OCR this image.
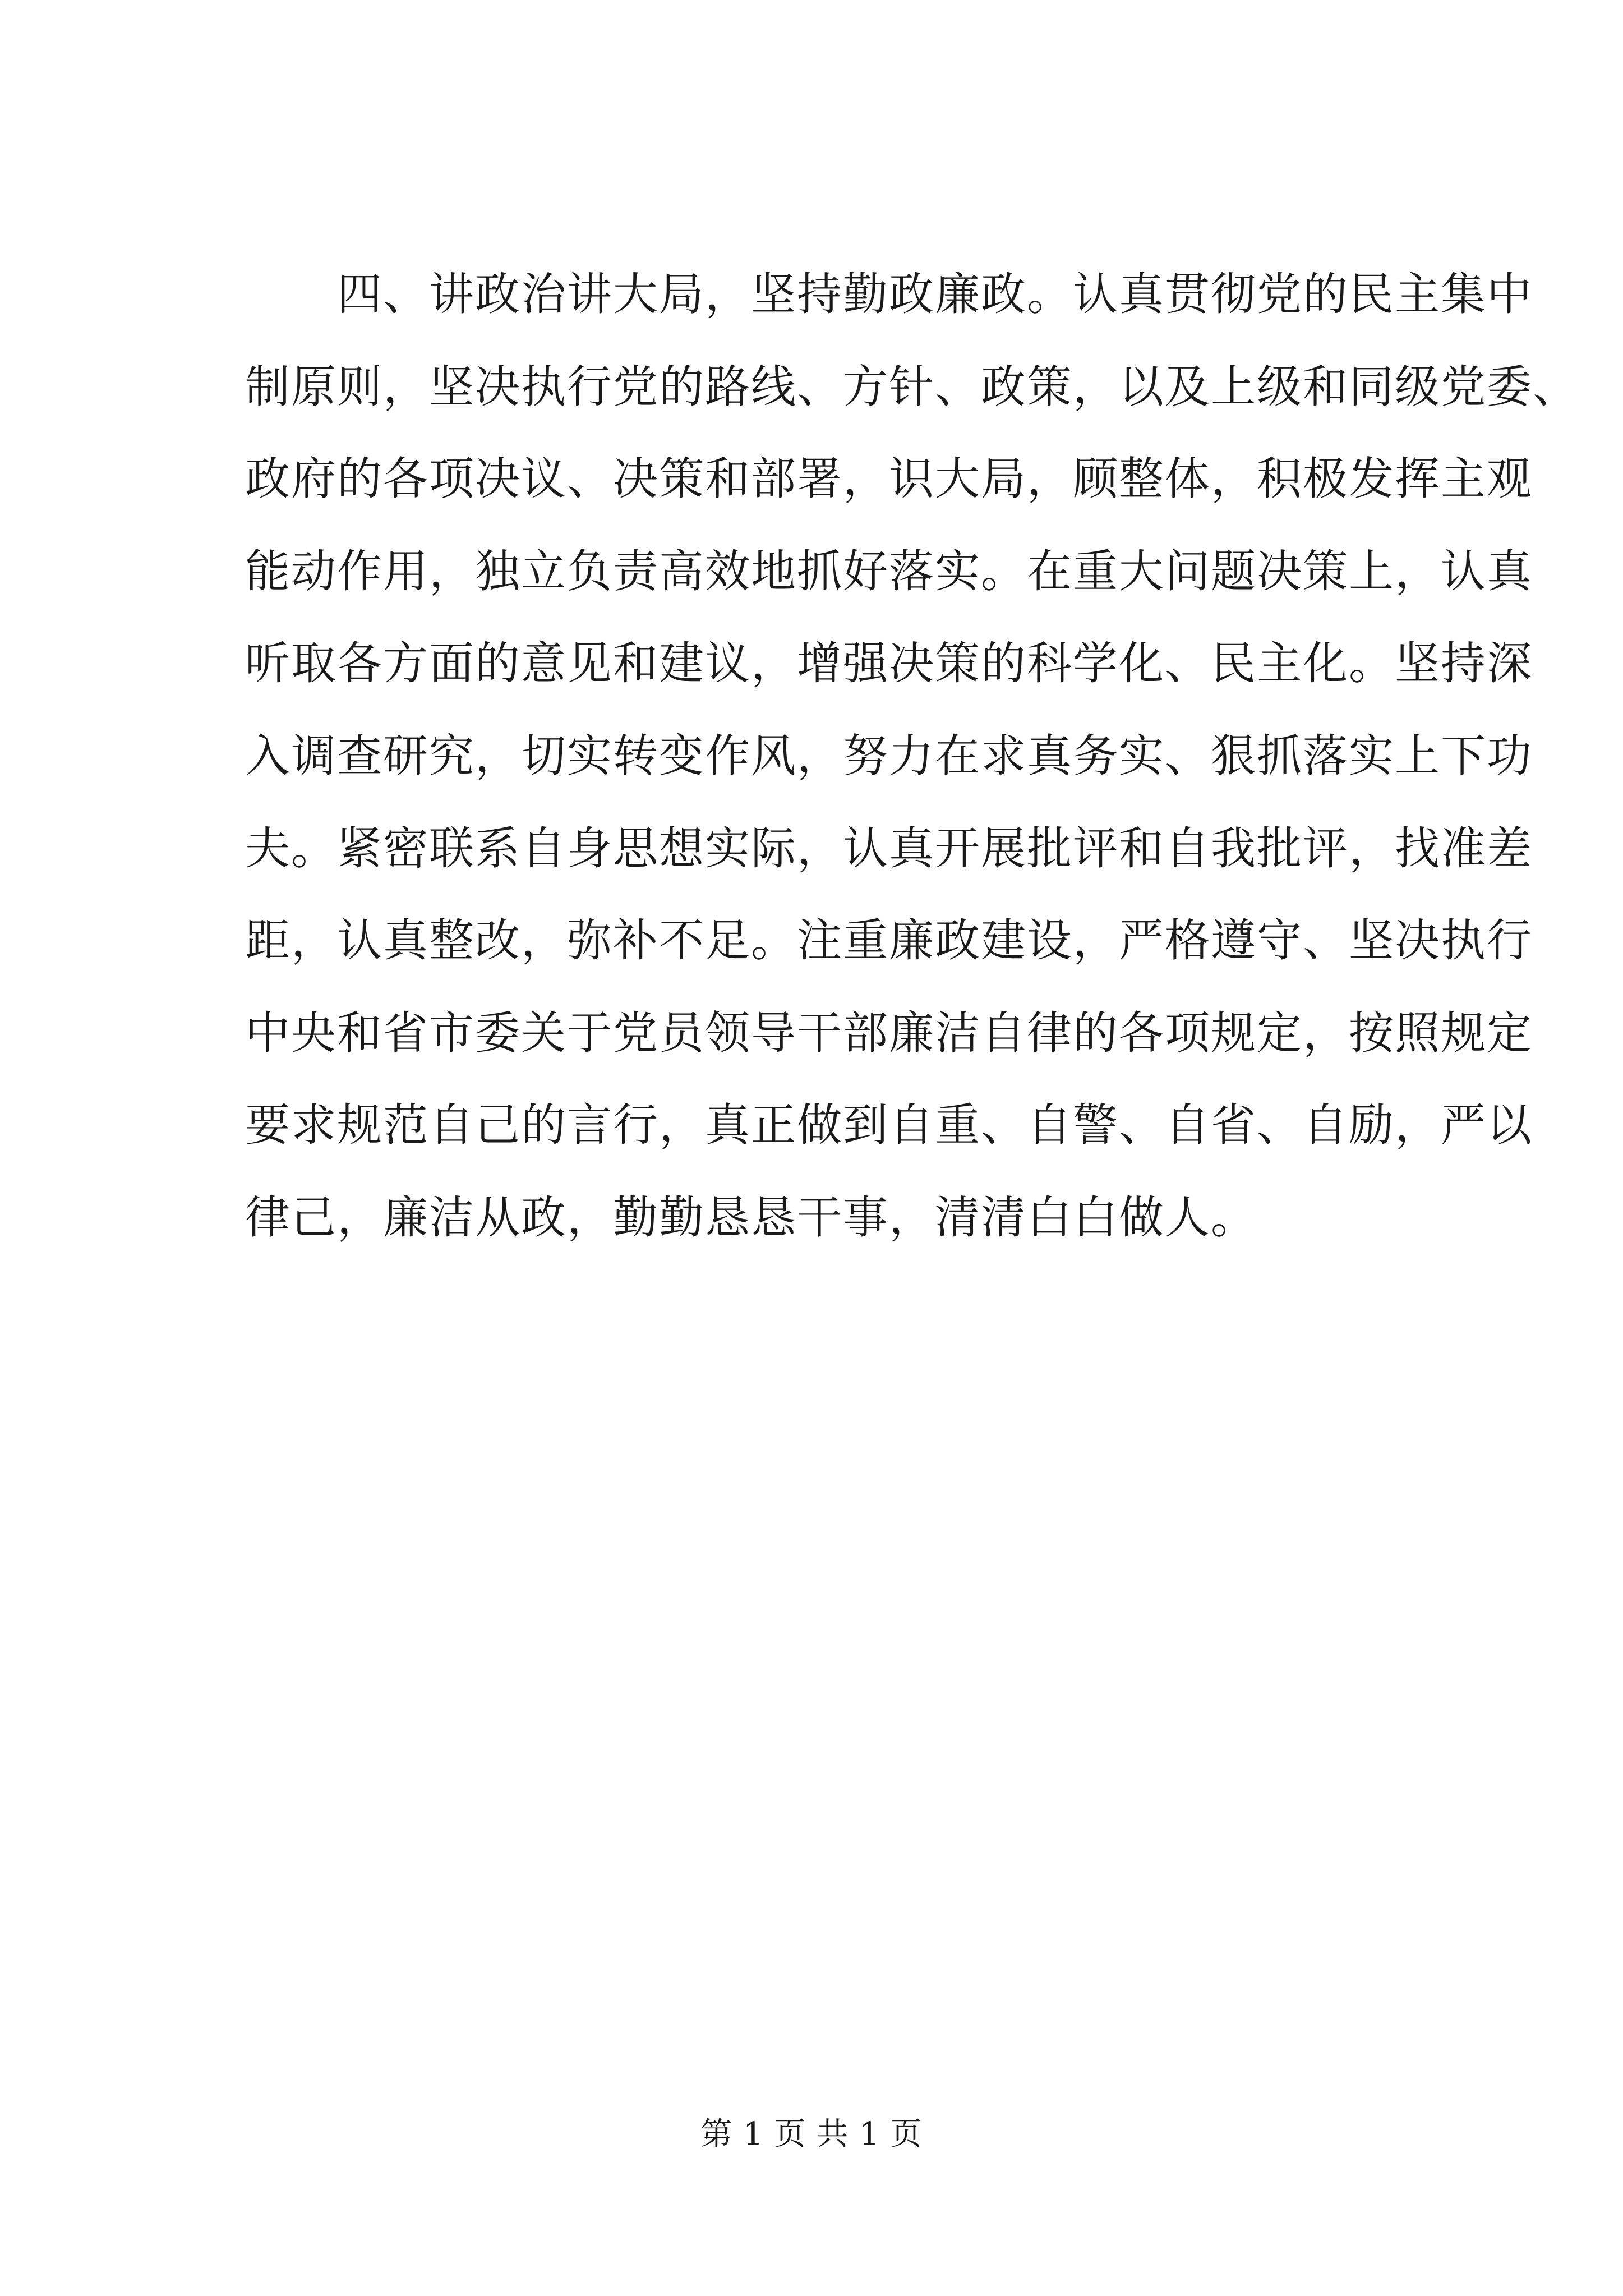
四、讲政治讲大局，坚持勤政廉政。认真贯彻党的民主集中
制原则，坚决执行党的路线、方针、政策，以及上级和同级党委、
政府的各项决议、决策和部署，识大局，顾整体，积极发挥主观
能动作用，独立负责高效地抓好落实。在重大问题决策上，认真
听取各方面的意见和建议，增强决策的科学化、民主化。坚持深
入调查研究，切实转变作风，努力在求真务实、狠抓落实上下功
夫。紧密联系自身思想实际，认真开展批评和自我批评，找准差
距，认真整改，弥补不足。注重廉政建设，严格遵守、坚决执行
中央和省市委关于党员领导干部廉洁自律的各项规定，按照规定
要求规范自己的言行，真正做到自重、自警、自省、自励，严以
律己，廉洁从政，勤勤恳恳干事，清清白白做人。
第 1 页 共 1 页
